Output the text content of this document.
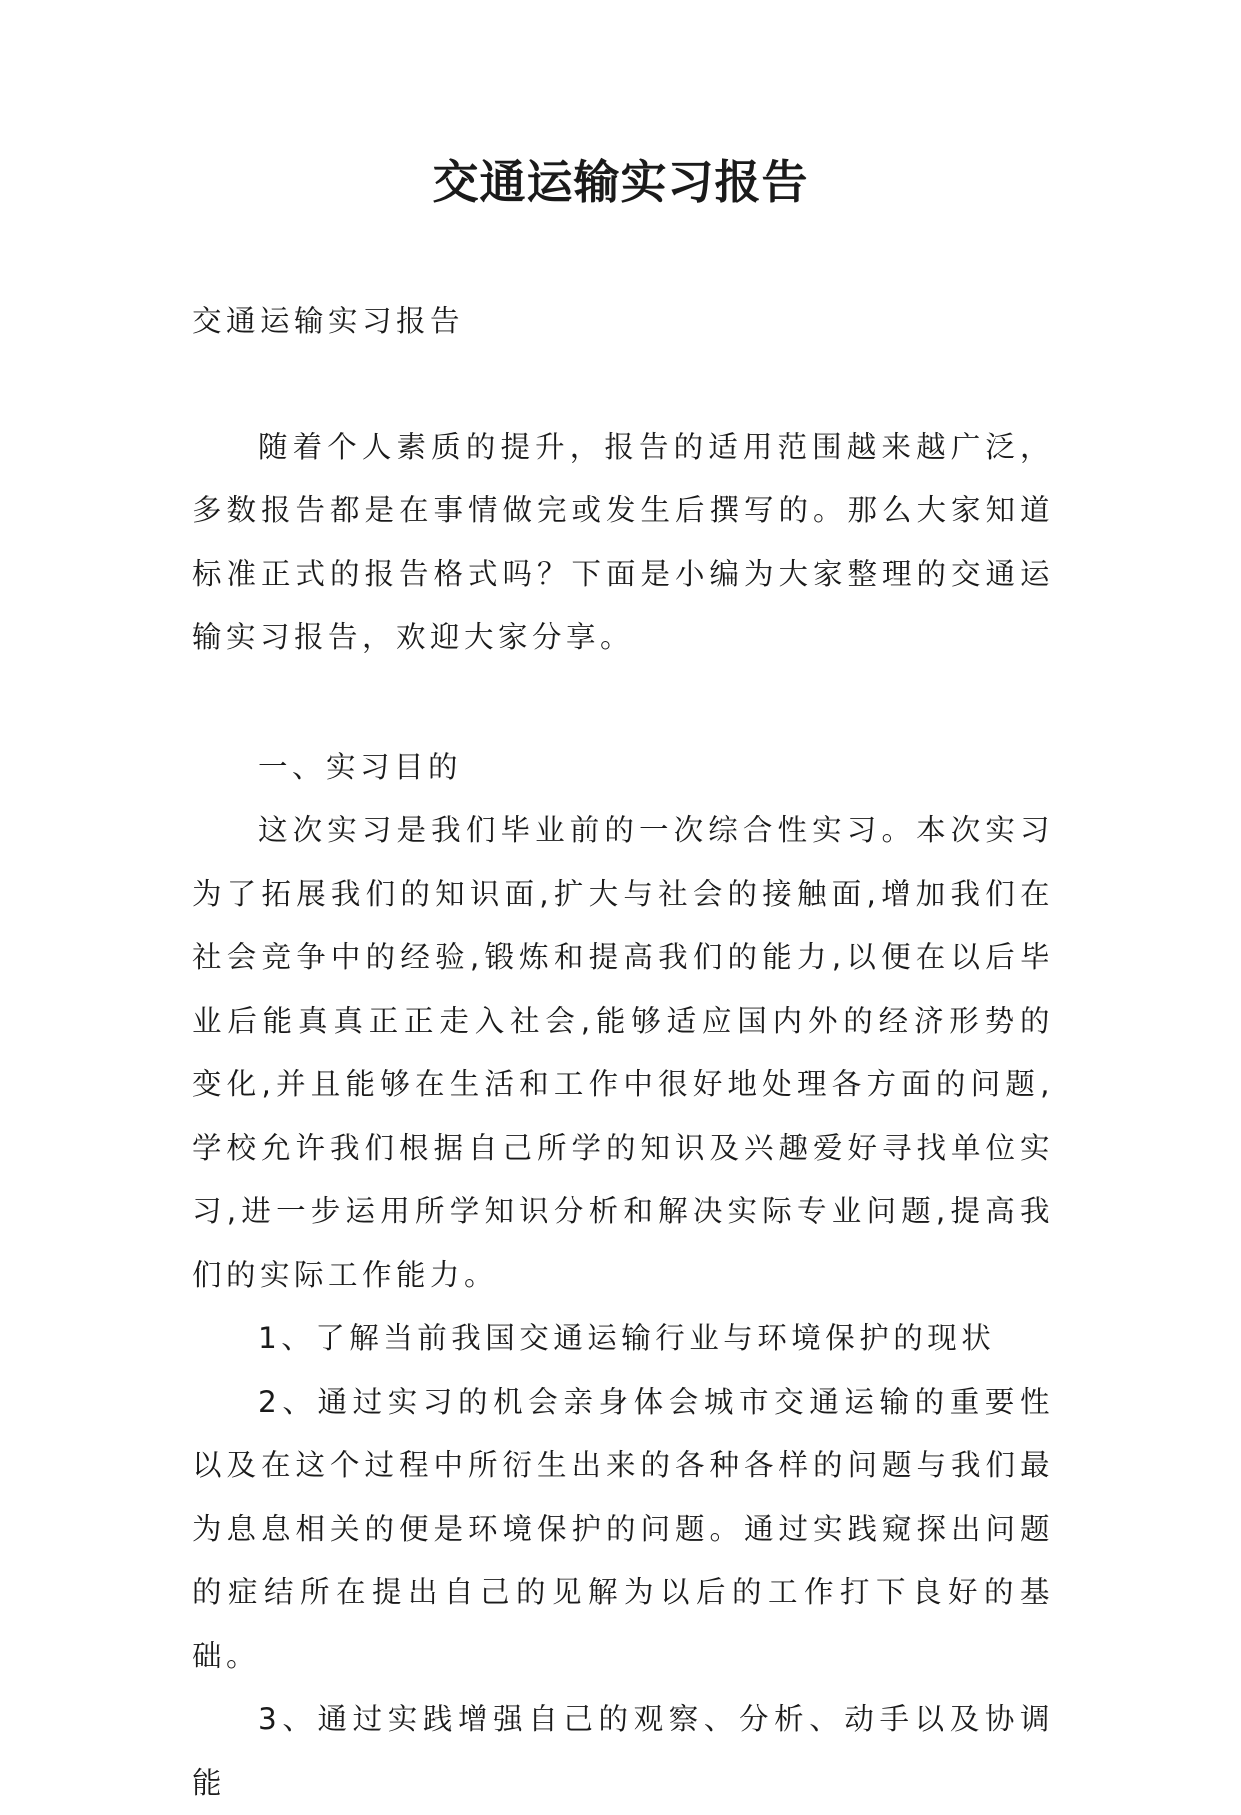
交通运输实习报告

交通运输实习报告

随着个人素质的提升，报告的适用范围越来越广泛，多数报告都是在事情做完或发生后撰写的。那么大家知道标准正式的报告格式吗？下面是小编为大家整理的交通运输实习报告，欢迎大家分享。

一、实习目的

这次实习是我们毕业前的一次综合性实习。本次实习为了拓展我们的知识面,扩大与社会的接触面,增加我们在社会竞争中的经验,锻炼和提高我们的能力,以便在以后毕业后能真真正正走入社会,能够适应国内外的经济形势的变化,并且能够在生活和工作中很好地处理各方面的问题,学校允许我们根据自己所学的知识及兴趣爱好寻找单位实习,进一步运用所学知识分析和解决实际专业问题,提高我们的实际工作能力。

1、了解当前我国交通运输行业与环境保护的现状

2、通过实习的机会亲身体会城市交通运输的重要性以及在这个过程中所衍生出来的各种各样的问题与我们最为息息相关的便是环境保护的问题。通过实践窥探出问题的症结所在提出自己的见解为以后的工作打下良好的基础。

3、通过实践增强自己的观察、分析、动手以及协调能
